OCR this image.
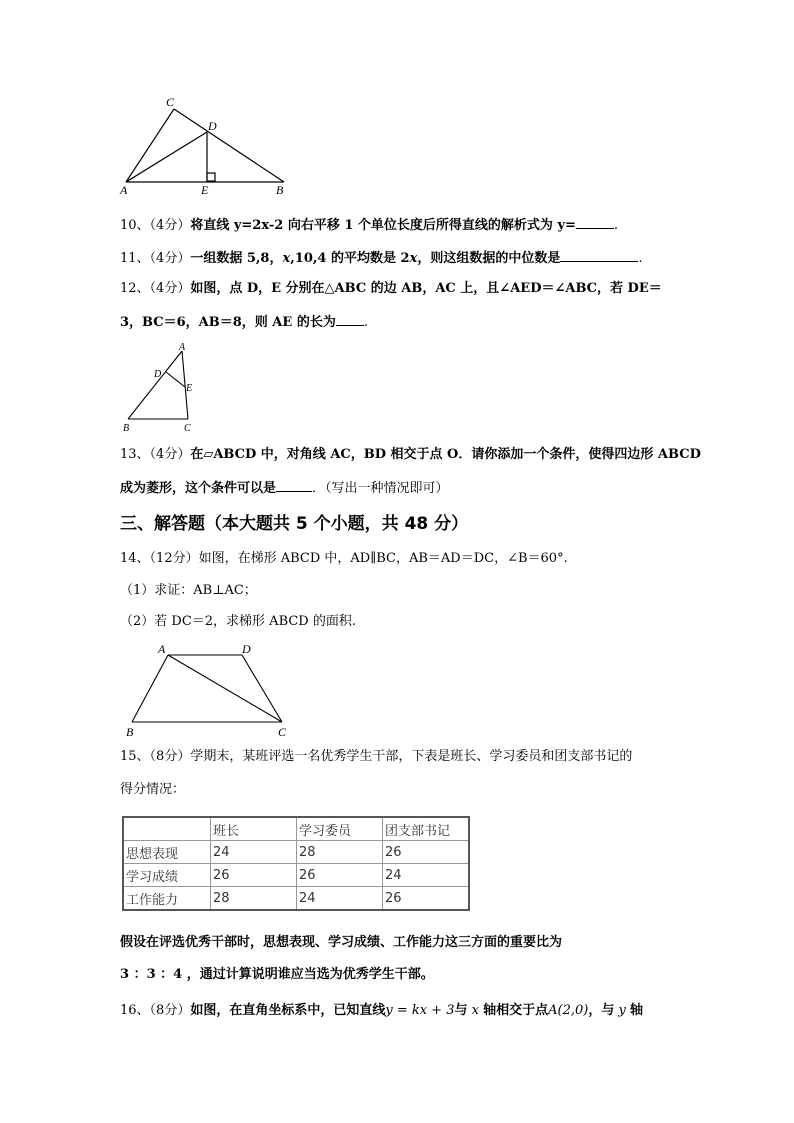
C
D
A	E	B
10、（4分）将直线 y=2x-2 向右平移 1 个单位长度后所得直线的解析式为 y=	.
11、（4分）一组数据 5,8，x,10,4 的平均数是 2x，则这组数据的中位数是	.
12、（4分）如图，点 D，E 分别在△ABC 的边 AB，AC 上，且∠AED＝∠ABC，若 DE＝
3，BC＝6，AB＝8，则 AE 的长为 .
A
D
E
B	C
13、（4分）在▱ABCD 中，对角线 AC，BD 相交于点 O．请你添加一个条件，使得四边形 ABCD
成为菱形，这个条件可以是	．（写出一种情况即可）
三、解答题（本大题共 5 个小题，共 48 分）
14、（12分）如图，在梯形 ABCD 中，AD∥BC，AB＝AD＝DC，∠B＝60°.
（1）求证：AB⊥AC；
（2）若 DC＝2，求梯形 ABCD 的面积.
A	D
B	C
15、（8分）学期末，某班评选一名优秀学生干部，下表是班长、学习委员和团支部书记的
得分情况：
	班长	学习委员	团支部书记
思想表现	24	28	26
学习成绩	26	26	24
工作能力	28	24	26
假设在评选优秀干部时，思想表现、学习成绩、工作能力这三方面的重要比为
3 ：3 ：4 ，通过计算说明谁应当选为优秀学生干部。
16、（8分）如图，在直角坐标系中，已知直线y = kx + 3与 x 轴相交于点A(2,0)，与 y 轴
